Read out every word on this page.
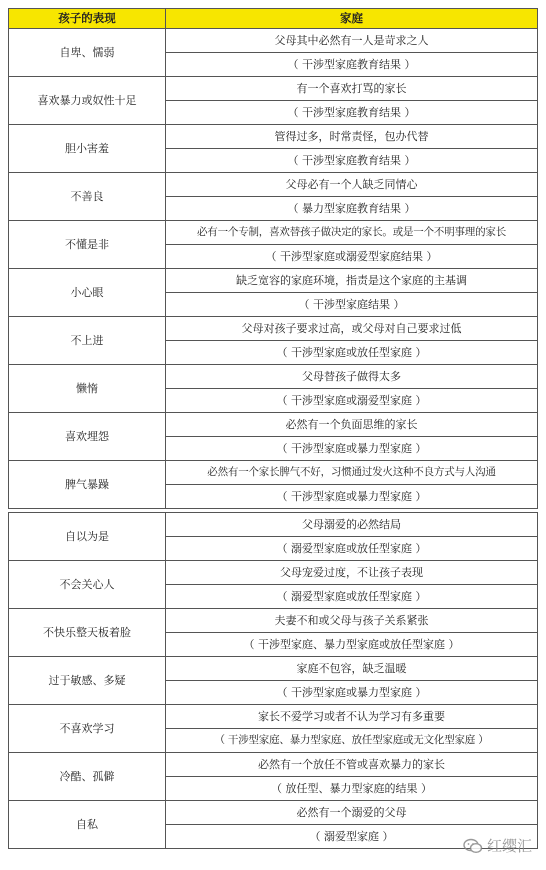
孩子的表现	家庭
自卑、懦弱	父母其中必然有一人是苛求之人
	（ 干涉型家庭教育结果 ）
喜欢暴力或奴性十足	有一个喜欢打骂的家长
	（ 干涉型家庭教育结果 ）
胆小害羞	管得过多，时常责怪，包办代替
	（ 干涉型家庭教育结果 ）
不善良	父母必有一个人缺乏同情心
	（ 暴力型家庭教育结果 ）
不懂是非	必有一个专制，喜欢替孩子做决定的家长。或是一个不明事理的家长
	（ 干涉型家庭或溺爱型家庭结果 ）
小心眼	缺乏宽容的家庭环境，指责是这个家庭的主基调
	（ 干涉型家庭结果 ）
不上进	父母对孩子要求过高，或父母对自己要求过低
	（ 干涉型家庭或放任型家庭 ）
懒惰	父母替孩子做得太多
	（ 干涉型家庭或溺爱型家庭 ）
喜欢埋怨	必然有一个负面思维的家长
	（ 干涉型家庭或暴力型家庭 ）
脾气暴躁	必然有一个家长脾气不好，习惯通过发火这种不良方式与人沟通
	（ 干涉型家庭或暴力型家庭 ）

自以为是	父母溺爱的必然结局
	（ 溺爱型家庭或放任型家庭 ）
不会关心人	父母宠爱过度，不让孩子表现
	（ 溺爱型家庭或放任型家庭 ）
不快乐整天板着脸	夫妻不和或父母与孩子关系紧张
	（ 干涉型家庭、暴力型家庭或放任型家庭 ）
过于敏感、多疑	家庭不包容，缺乏温暖
	（ 干涉型家庭或暴力型家庭 ）
不喜欢学习	家长不爱学习或者不认为学习有多重要
	（ 干涉型家庭、暴力型家庭、放任型家庭或无文化型家庭 ）
冷酷、孤僻	必然有一个放任不管或喜欢暴力的家长
	（ 放任型、暴力型家庭的结果 ）
自私	必然有一个溺爱的父母
	（ 溺爱型家庭 ）
红缨汇
